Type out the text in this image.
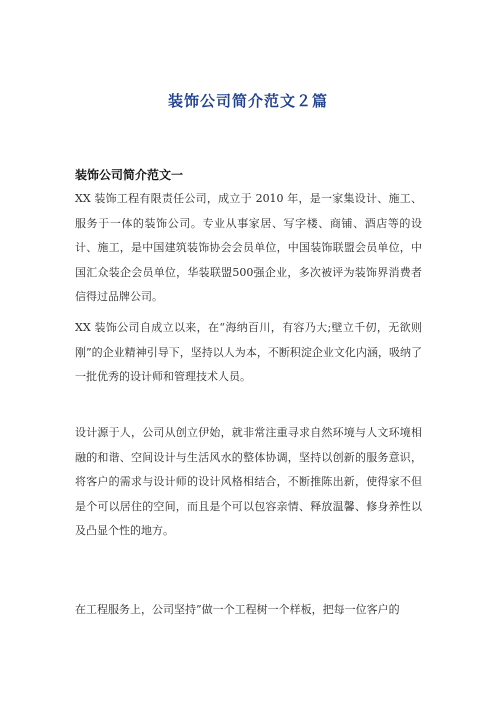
装饰公司简介范文２篇
装饰公司简介范文一

XX 装饰工程有限责任公司，成立于 2010 年，是一家集设计、施工、服务于一体的装饰公司。专业从事家居、写字楼、商铺、酒店等的设计、施工，是中国建筑装饰协会会员单位，中国装饰联盟会员单位，中国汇众装企会员单位，华装联盟500强企业，多次被评为装饰界消费者信得过品牌公司。

XX 装饰公司自成立以来，在“海纳百川，有容乃大;壁立千仞，无欲则刚”的企业精神引导下，坚持以人为本，不断积淀企业文化内涵，吸纳了一批优秀的设计师和管理技术人员。

设计源于人，公司从创立伊始，就非常注重寻求自然环境与人文环境相融的和谐、空间设计与生活风水的整体协调，坚持以创新的服务意识，将客户的需求与设计师的设计风格相结合，不断推陈出新，使得家不但是个可以居住的空间，而且是个可以包容亲情、释放温馨、修身养性以及凸显个性的地方。

在工程服务上，公司坚持”做一个工程树一个样板，把每一位客户的
